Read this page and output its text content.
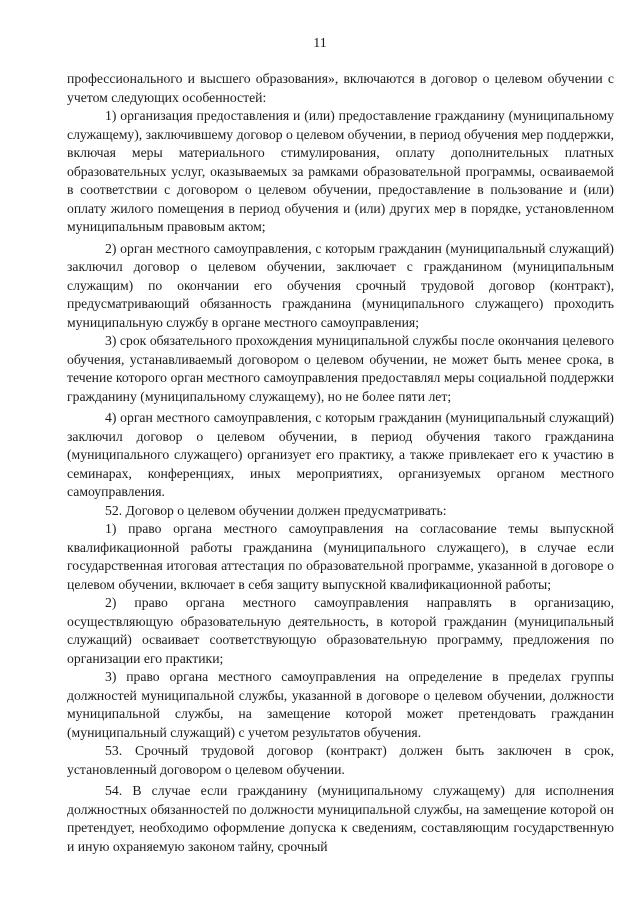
11

профессионального и высшего образования», включаются в договор о целевом обучении с учетом следующих особенностей:

1) организация предоставления и (или) предоставление гражданину (муниципальному служащему), заключившему договор о целевом обучении, в период обучения мер поддержки, включая меры материального стимулирования, оплату дополнительных платных образовательных услуг, оказываемых за рамками образовательной программы, осваиваемой в соответствии с договором о целевом обучении, предоставление в пользование и (или) оплату жилого помещения в период обучения и (или) других мер в порядке, установленном муниципальным правовым актом;

2) орган местного самоуправления, с которым гражданин (муниципальный служащий) заключил договор о целевом обучении, заключает с гражданином (муниципальным служащим) по окончании его обучения срочный трудовой договор (контракт), предусматривающий обязанность гражданина (муниципального служащего) проходить муниципальную службу в органе местного самоуправления;

3) срок обязательного прохождения муниципальной службы после окончания целевого обучения, устанавливаемый договором о целевом обучении, не может быть менее срока, в течение которого орган местного самоуправления предоставлял меры социальной поддержки гражданину (муниципальному служащему), но не более пяти лет;

4) орган местного самоуправления, с которым гражданин (муниципальный служащий) заключил договор о целевом обучении, в период обучения такого гражданина (муниципального служащего) организует его практику, а также привлекает его к участию в семинарах, конференциях, иных мероприятиях, организуемых органом местного самоуправления.

52. Договор о целевом обучении должен предусматривать:

1) право органа местного самоуправления на согласование темы выпускной квалификационной работы гражданина (муниципального служащего), в случае если государственная итоговая аттестация по образовательной программе, указанной в договоре о целевом обучении, включает в себя защиту выпускной квалификационной работы;

2) право органа местного самоуправления направлять в организацию, осуществляющую образовательную деятельность, в которой гражданин (муниципальный служащий) осваивает соответствующую образовательную программу, предложения по организации его практики;

3) право органа местного самоуправления на определение в пределах группы должностей муниципальной службы, указанной в договоре о целевом обучении, должности муниципальной службы, на замещение которой может претендовать гражданин (муниципальный служащий) с учетом результатов обучения.

53. Срочный трудовой договор (контракт) должен быть заключен в срок, установленный договором о целевом обучении.

54. В случае если гражданину (муниципальному служащему) для исполнения должностных обязанностей по должности муниципальной службы, на замещение которой он претендует, необходимо оформление допуска к сведениям, составляющим государственную и иную охраняемую законом тайну, срочный
